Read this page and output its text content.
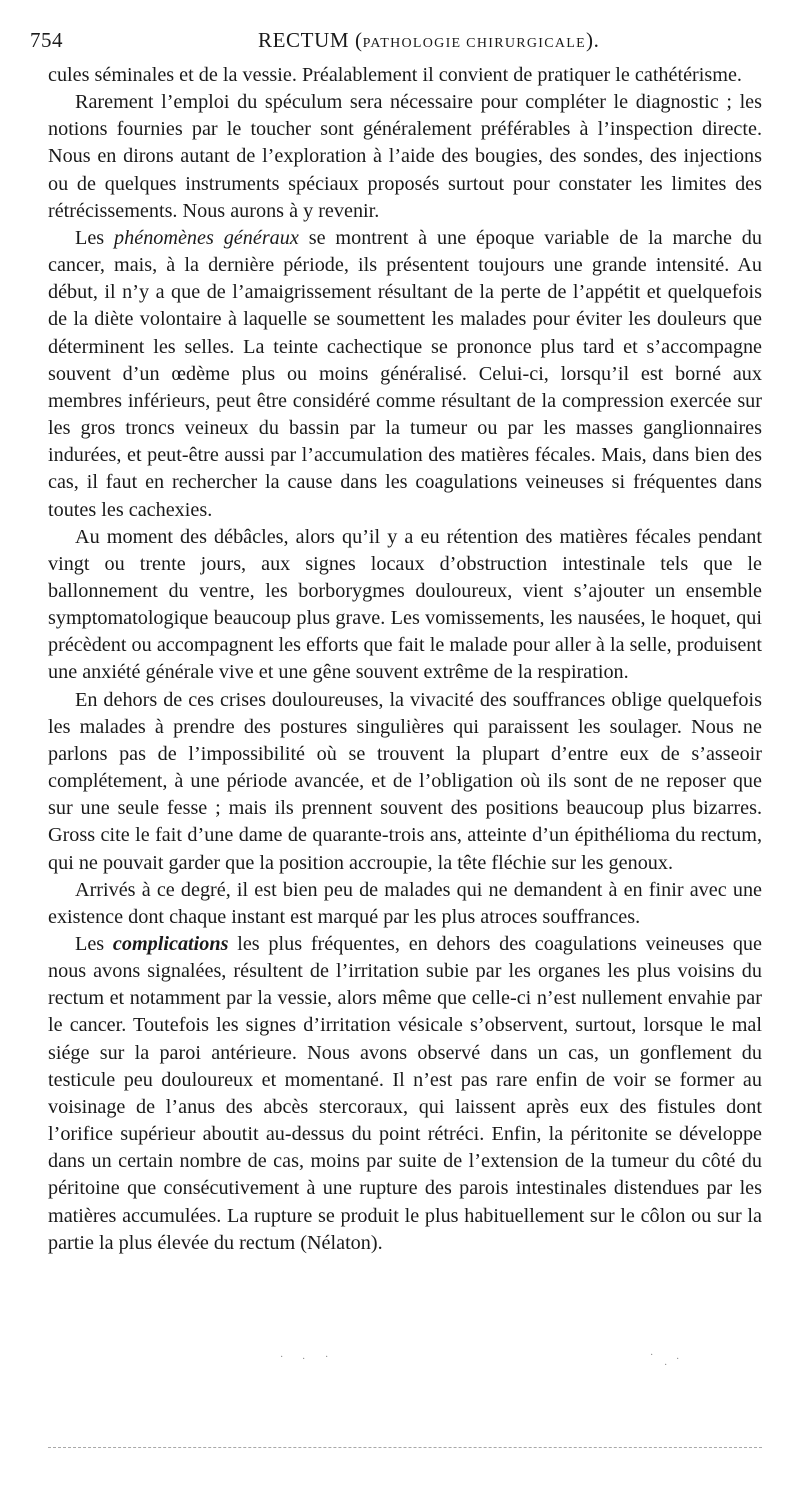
754	RECTUM (PATHOLOGIE CHIRURGICALE).

cules séminales et de la vessie. Préalablement il convient de pratiquer le cathétérisme.

Rarement l’emploi du spéculum sera nécessaire pour compléter le diagnostic ; les notions fournies par le toucher sont généralement préférables à l’inspection directe. Nous en dirons autant de l’exploration à l’aide des bougies, des sondes, des injections ou de quelques instruments spéciaux proposés surtout pour constater les limites des rétrécissements. Nous aurons à y revenir.

Les phénomènes généraux se montrent à une époque variable de la marche du cancer, mais, à la dernière période, ils présentent toujours une grande intensité. Au début, il n’y a que de l’amaigrissement résultant de la perte de l’appétit et quelquefois de la diète volontaire à laquelle se soumettent les malades pour éviter les douleurs que déterminent les selles. La teinte cachectique se prononce plus tard et s’accompagne souvent d’un œdème plus ou moins généralisé. Celui-ci, lorsqu’il est borné aux membres inférieurs, peut être considéré comme résultant de la compression exercée sur les gros troncs veineux du bassin par la tumeur ou par les masses ganglionnaires indurées, et peut-être aussi par l’accumulation des matières fécales. Mais, dans bien des cas, il faut en rechercher la cause dans les coagulations veineuses si fréquentes dans toutes les cachexies.

Au moment des débâcles, alors qu’il y a eu rétention des matières fécales pendant vingt ou trente jours, aux signes locaux d’obstruction intestinale tels que le ballonnement du ventre, les borborygmes douloureux, vient s’ajouter un ensemble symptomatologique beaucoup plus grave. Les vomissements, les nausées, le hoquet, qui précèdent ou accompagnent les efforts que fait le malade pour aller à la selle, produisent une anxiété générale vive et une gêne souvent extrême de la respiration.

En dehors de ces crises douloureuses, la vivacité des souffrances oblige quelquefois les malades à prendre des postures singulières qui paraissent les soulager. Nous ne parlons pas de l’impossibilité où se trouvent la plupart d’entre eux de s’asseoir complétement, à une période avancée, et de l’obligation où ils sont de ne reposer que sur une seule fesse ; mais ils prennent souvent des positions beaucoup plus bizarres. Gross cite le fait d’une dame de quarante-trois ans, atteinte d’un épithélioma du rectum, qui ne pouvait garder que la position accroupie, la tête fléchie sur les genoux.

Arrivés à ce degré, il est bien peu de malades qui ne demandent à en finir avec une existence dont chaque instant est marqué par les plus atroces souffrances.

Les complications les plus fréquentes, en dehors des coagulations veineuses que nous avons signalées, résultent de l’irritation subie par les organes les plus voisins du rectum et notamment par la vessie, alors même que celle-ci n’est nullement envahie par le cancer. Toutefois les signes d’irritation vésicale s’observent, surtout, lorsque le mal siége sur la paroi antérieure. Nous avons observé dans un cas, un gonflement du testicule peu douloureux et momentané. Il n’est pas rare enfin de voir se former au voisinage de l’anus des abcès stercoraux, qui laissent après eux des fistules dont l’orifice supérieur aboutit au-dessus du point rétréci. Enfin, la péritonite se développe dans un certain nombre de cas, moins par suite de l’extension de la tumeur du côté du péritoine que consécutivement à une rupture des parois intestinales distendues par les matières accumulées. La rupture se produit le plus habituellement sur le côlon ou sur la partie la plus élevée du rectum (Nélaton).

· · ·	·
·
·
